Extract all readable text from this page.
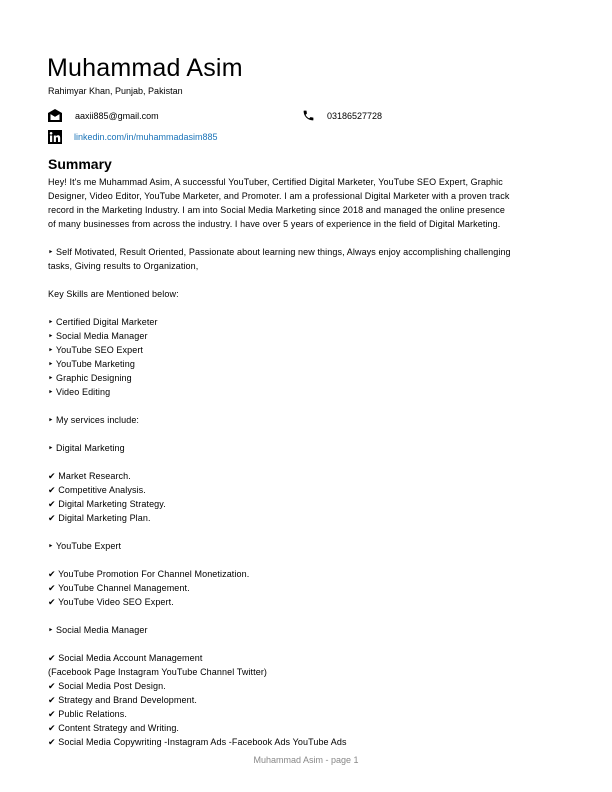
Muhammad Asim
Rahimyar Khan, Punjab, Pakistan
aaxii885@gmail.com	03186527728
linkedin.com/in/muhammadasim885
Summary
Hey! It's me Muhammad Asim, A successful YouTuber, Certified Digital Marketer, YouTube SEO Expert, Graphic
Designer, Video Editor, YouTube Marketer, and Promoter. I am a professional Digital Marketer with a proven track
record in the Marketing Industry. I am into Social Media Marketing since 2018 and managed the online presence
of many businesses from across the industry. I have over 5 years of experience in the field of Digital Marketing.
‣ Self Motivated, Result Oriented, Passionate about learning new things, Always enjoy accomplishing challenging
tasks, Giving results to Organization,
Key Skills are Mentioned below:
‣ Certified Digital Marketer
‣ Social Media Manager
‣ YouTube SEO Expert
‣ YouTube Marketing
‣ Graphic Designing
‣ Video Editing
‣ My services include:
‣ Digital Marketing
✔ Market Research.
✔ Competitive Analysis.
✔ Digital Marketing Strategy.
✔ Digital Marketing Plan.
‣ YouTube Expert
✔ YouTube Promotion For Channel Monetization.
✔ YouTube Channel Management.
✔ YouTube Video SEO Expert.
‣ Social Media Manager
✔ Social Media Account Management
(Facebook Page Instagram YouTube Channel Twitter)
✔ Social Media Post Design.
✔ Strategy and Brand Development.
✔ Public Relations.
✔ Content Strategy and Writing.
✔ Social Media Copywriting -Instagram Ads -Facebook Ads YouTube Ads
Muhammad Asim - page 1
